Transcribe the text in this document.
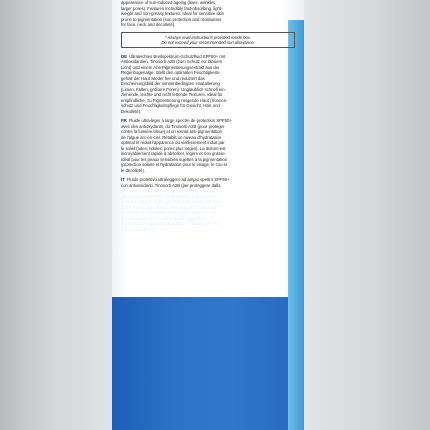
appearance of sun-induced ageing (lines, wrinkles,
larger pores). Features incredibly fast-absorbing, light-
weight and non-greasy textures. Ideal for sensitive skin
prone to pigmentation (sun protection and moisturiser
for face, neck and décolleté).
* Always read instructions provided inside box.
Do not exceed your recommended sun allowance.
DE Ultraleichtes Breitspektrum-Schutzfluid SPF50+ mit
Antioxidantien, Tinosorb A2B (zum Schutz vor blauem
Licht) und einem Anti-Pigmentierungsextrakt aus der
Regenbogenalge. Stellt den optimalen Feuchtigkeits-
gehalt der Haut wieder her und reduziert das
Erscheinungsbild der sonnenbedingten Hautalterung
(Linien, Falten, größere Poren). Unglaublich schnell ein-
ziehende, leichte und nicht fettende Texturen. Ideal für
empfindliche, zu Pigmentierung neigende Haut (Sonnen-
schutz und Feuchtigkeitspflege für Gesicht, Hals und
Dekolleté).
FR Fluide ultra-léger à large spectre de protection SPF50+
avec des antioxydants, du Tinosorb A2B (pour protéger
contre la lumière bleue) et un extrait anti-pigmentation
de l'algue arc-en-ciel. Rétablit un niveau d'hydratation
optimal et réduit l'apparence du vieillissement induit par
le soleil (rides, ridules, pores plus larges). La texture est
incroyablement rapide à absorber, légère et non grasse.
Idéal pour les peaux sensibles sujettes à la pigmentation
(protection solaire et hydratation pour le visage, le cou et
le décolleté).
IT Fluido protettivo ultraleggero ad ampio spettro SPF50+
con antiossidanti, Tinosorb A2B (per proteggere dalla
luce blu) e un estratto anti-pigmentazione dell'Alga
Arcobaleno. Ripristina i livelli ottimali di idratazione
e riduce l'aspetto dell'invecchiamento indotto dal sole
(linee, rughe, pori dilatati). Presenta una texture ad
assorbimento incredibilmente rapido, leggera e non
grassa. Ideale per le pelli sensibili soggette a
pigmentazione (protezione solare e idratante per viso,
collo e décolleté).
